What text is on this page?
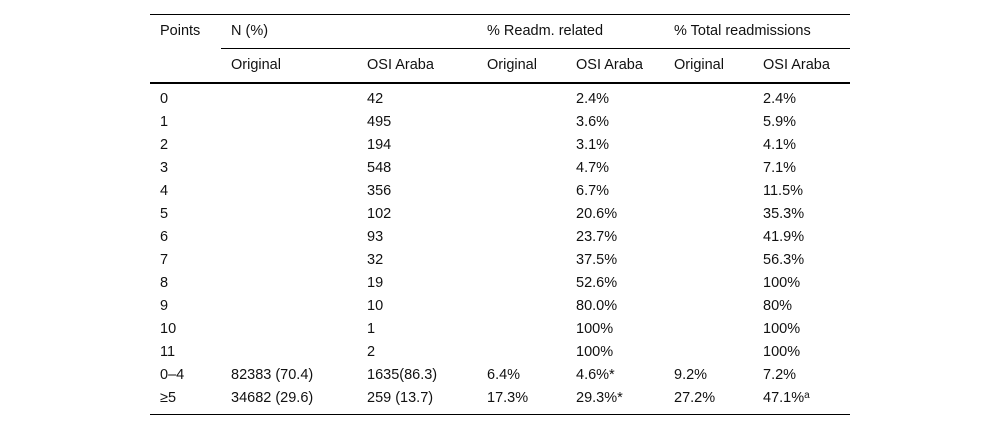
Points	N (%)		% Readm. related		% Total readmissions	
	Original	OSI Araba	Original	OSI Araba	Original	OSI Araba
0		42		2.4%		2.4%
1		495		3.6%		5.9%
2		194		3.1%		4.1%
3		548		4.7%		7.1%
4		356		6.7%		11.5%
5		102		20.6%		35.3%
6		93		23.7%		41.9%
7		32		37.5%		56.3%
8		19		52.6%		100%
9		10		80.0%		80%
10		1		100%		100%
11		2		100%		100%
0–4	82383 (70.4)	1635(86.3)	6.4%	4.6%*	9.2%	7.2%
≥5	34682 (29.6)	259 (13.7)	17.3%	29.3%*	27.2%	47.1%$^a$
